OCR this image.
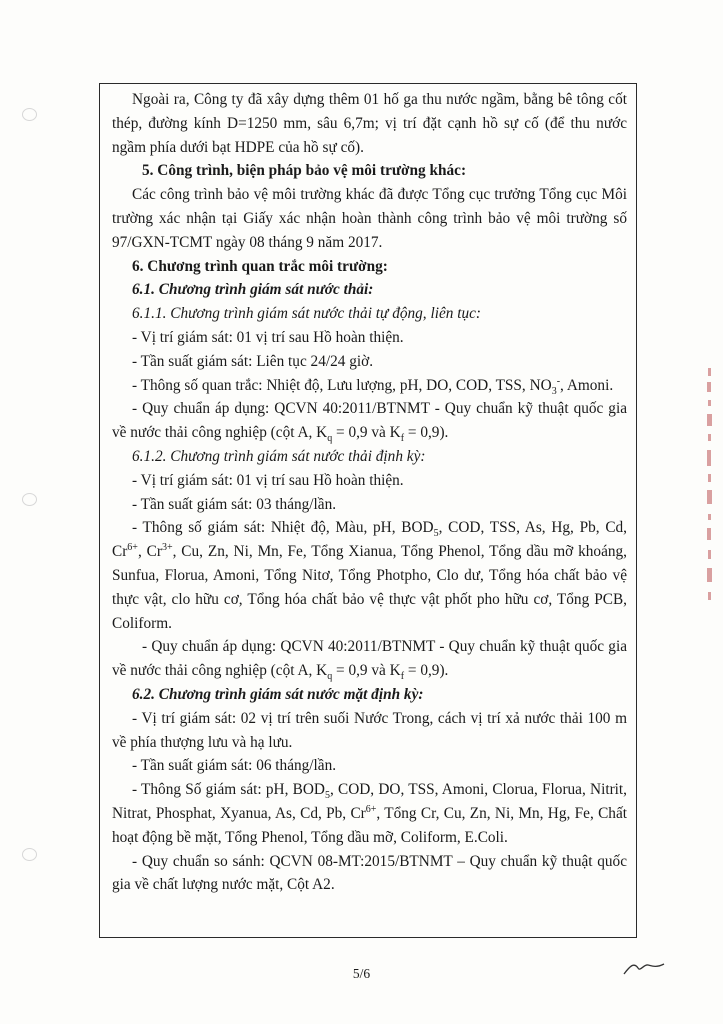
Ngoài ra, Công ty đã xây dựng thêm 01 hố ga thu nước ngầm, bằng bê tông cốt thép, đường kính D=1250 mm, sâu 6,7m; vị trí đặt cạnh hồ sự cố (để thu nước ngầm phía dưới bạt HDPE của hồ sự cố).

5. Công trình, biện pháp bảo vệ môi trường khác:

Các công trình bảo vệ môi trường khác đã được Tổng cục trưởng Tổng cục Môi trường xác nhận tại Giấy xác nhận hoàn thành công trình bảo vệ môi trường số 97/GXN-TCMT ngày 08 tháng 9 năm 2017.

6. Chương trình quan trắc môi trường:

6.1. Chương trình giám sát nước thải:

6.1.1. Chương trình giám sát nước thải tự động, liên tục:

- Vị trí giám sát: 01 vị trí sau Hồ hoàn thiện.

- Tần suất giám sát: Liên tục 24/24 giờ.

- Thông số quan trắc: Nhiệt độ, Lưu lượng, pH, DO, COD, TSS, $NO_3^-$, Amoni.

- Quy chuẩn áp dụng: QCVN 40:2011/BTNMT - Quy chuẩn kỹ thuật quốc gia về nước thải công nghiệp (cột A, $K_q = 0,9$ và $K_f = 0,9$).

6.1.2. Chương trình giám sát nước thải định kỳ:

- Vị trí giám sát: 01 vị trí sau Hồ hoàn thiện.

- Tần suất giám sát: 03 tháng/lần.

- Thông số giám sát: Nhiệt độ, Màu, pH, $BOD_5$, COD, TSS, As, Hg, Pb, Cd, $Cr^{6+}$, $Cr^{3+}$, Cu, Zn, Ni, Mn, Fe, Tổng Xianua, Tổng Phenol, Tổng dầu mỡ khoáng, Sunfua, Florua, Amoni, Tổng Nitơ, Tổng Photpho, Clo dư, Tổng hóa chất bảo vệ thực vật, clo hữu cơ, Tổng hóa chất bảo vệ thực vật phốt pho hữu cơ, Tổng PCB, Coliform.

- Quy chuẩn áp dụng: QCVN 40:2011/BTNMT - Quy chuẩn kỹ thuật quốc gia về nước thải công nghiệp (cột A, $K_q = 0,9$ và $K_f = 0,9$).

6.2. Chương trình giám sát nước mặt định kỳ:

- Vị trí giám sát: 02 vị trí trên suối Nước Trong, cách vị trí xả nước thải 100 m về phía thượng lưu và hạ lưu.

- Tần suất giám sát: 06 tháng/lần.

- Thông Số giám sát: pH, $BOD_5$, COD, DO, TSS, Amoni, Clorua, Florua, Nitrit, Nitrat, Phosphat, Xyanua, As, Cd, Pb, $Cr^{6+}$, Tổng Cr, Cu, Zn, Ni, Mn, Hg, Fe, Chất hoạt động bề mặt, Tổng Phenol, Tổng dầu mỡ, Coliform, E.Coli.

- Quy chuẩn so sánh: QCVN 08-MT:2015/BTNMT – Quy chuẩn kỹ thuật quốc gia về chất lượng nước mặt, Cột A2.

5/6
